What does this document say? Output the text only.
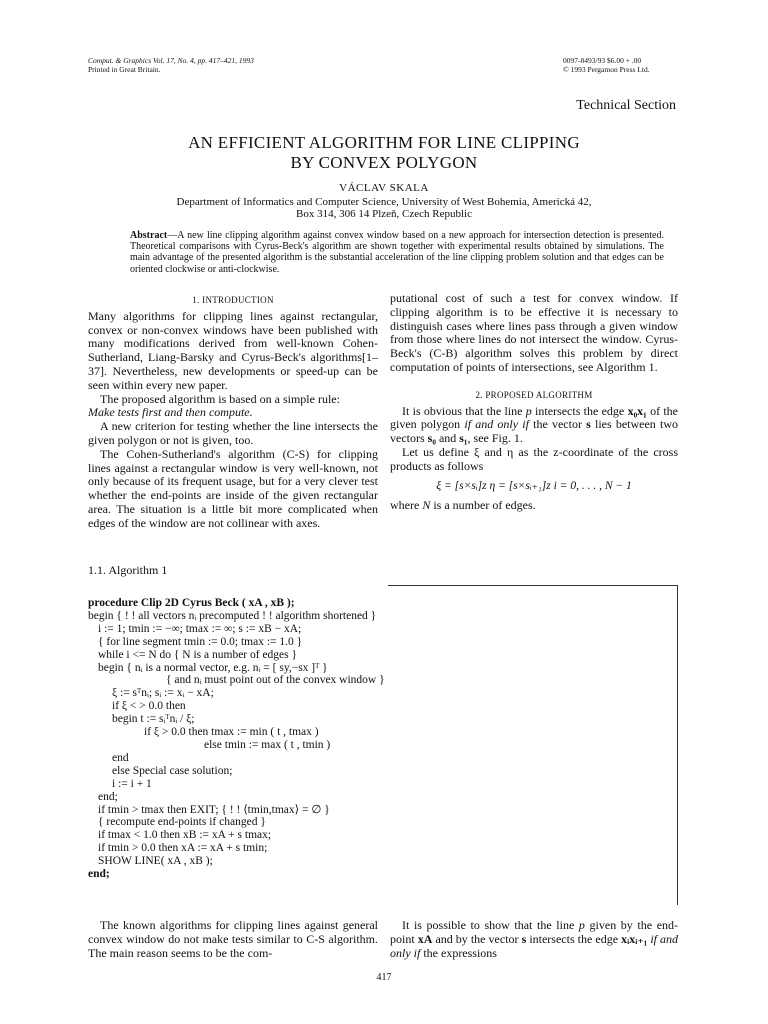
Comput. & Graphics Vol. 17, No. 4, pp. 417–421, 1993
Printed in Great Britain.
0097-8493/93 $6.00 + .00
© 1993 Pergamon Press Ltd.
Technical Section
AN EFFICIENT ALGORITHM FOR LINE CLIPPING
BY CONVEX POLYGON
VÁCLAV SKALA
Department of Informatics and Computer Science, University of West Bohemia, Americká 42,
Box 314, 306 14 Plzeň, Czech Republic
Abstract—A new line clipping algorithm against convex window based on a new approach for intersection detection is presented. Theoretical comparisons with Cyrus-Beck's algorithm are shown together with experimental results obtained by simulations. The main advantage of the presented algorithm is the substantial acceleration of the line clipping problem solution and that edges can be oriented clockwise or anti-clockwise.
1. INTRODUCTION

Many algorithms for clipping lines against rectangular, convex or non-convex windows have been published with many modifications derived from well-known Cohen-Sutherland, Liang-Barsky and Cyrus-Beck's algorithms[1–37]. Nevertheless, new developments or speed-up can be seen within every new paper.

The proposed algorithm is based on a simple rule:

Make tests first and then compute.

A new criterion for testing whether the line intersects the given polygon or not is given, too.

The Cohen-Sutherland's algorithm (C-S) for clipping lines against a rectangular window is very well-known, not only because of its frequent usage, but for a very clever test whether the end-points are inside of the given rectangular area. The situation is a little bit more complicated when edges of the window are not collinear with axes.

putational cost of such a test for convex window. If clipping algorithm is to be effective it is necessary to distinguish cases where lines pass through a given window from those where lines do not intersect the window. Cyrus-Beck's (C-B) algorithm solves this problem by direct computation of points of intersections, see Algorithm 1.

2. PROPOSED ALGORITHM

It is obvious that the line p intersects the edge x₀x₁ of the given polygon if and only if the vector s lies between two vectors s₀ and s₁, see Fig. 1.

Let us define ξ and η as the z-coordinate of the cross products as follows

ξ = [s×sᵢ]z η = [s×sᵢ₊₁]z i = 0, . . . , N − 1

where N is a number of edges.

1.1. Algorithm 1
procedure Clip 2D Cyrus Beck ( xA , xB );
begin { ! ! all vectors nᵢ precomputed ! ! algorithm shortened }
i := 1; tmin := −∞; tmax := ∞; s := xB − xA;
{ for line segment tmin := 0.0; tmax := 1.0 }
while i <= N do { N is a number of edges }
begin { nᵢ is a normal vector, e.g. nᵢ = [ sy,−sx ]ᵀ }
{ and nᵢ must point out of the convex window }
ξ := sᵀnᵢ; sᵢ := xᵢ − xA;
if ξ < > 0.0 then
begin t := sᵢᵀnᵢ / ξ;
if ξ > 0.0 then tmax := min ( t , tmax )
else tmin := max ( t , tmin )
end
else Special case solution;
i := i + 1
end;
if tmin > tmax then EXIT; { ! ! ⟨tmin,tmax⟩ = ∅ }
{ recompute end-points if changed }
if tmax < 1.0 then xB := xA + s tmax;
if tmin > 0.0 then xA := xA + s tmin;
SHOW LINE( xA , xB );
end;
The known algorithms for clipping lines against general convex window do not make tests similar to C-S algorithm. The main reason seems to be the com-
It is possible to show that the line p given by the end-point xA and by the vector s intersects the edge xᵢxᵢ₊₁ if and only if the expressions
417
